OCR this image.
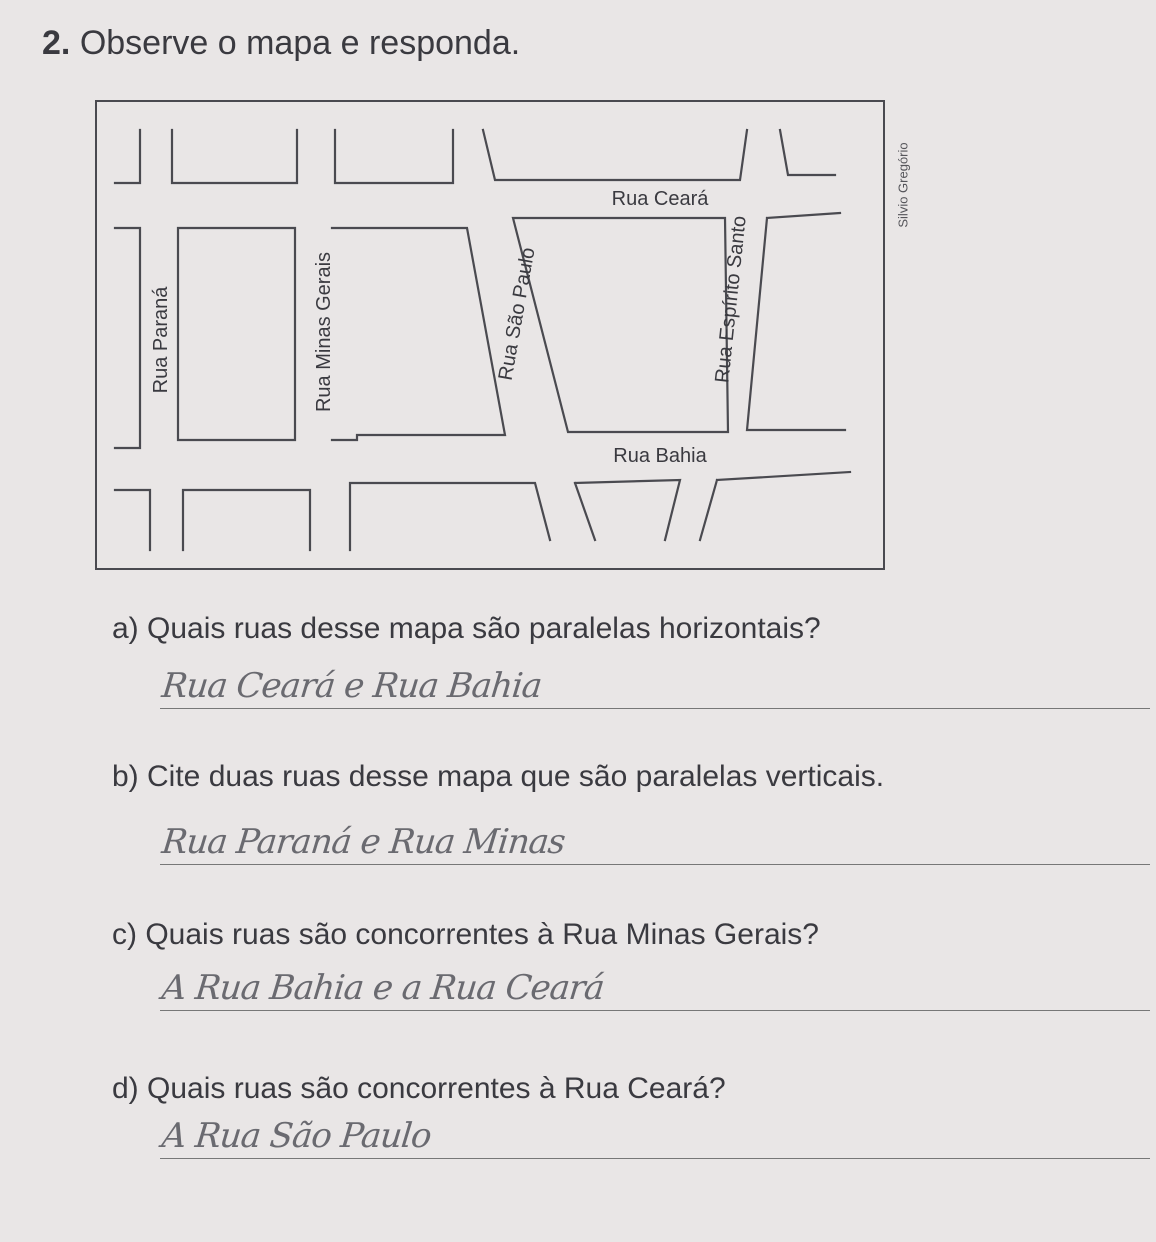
2. Observe o mapa e responda.
Rua Ceará
Rua Bahia
Rua Paraná	Rua Minas Gerais	Rua São Paulo	Rua Espírito Santo
Silvio Gregório

a) Quais ruas desse mapa são paralelas horizontais?

Rua Ceará e Rua Bahia

b) Cite duas ruas desse mapa que são paralelas verticais.

Rua Paraná e Rua Minas

c) Quais ruas são concorrentes à Rua Minas Gerais?

A Rua Bahia e a Rua Ceará

d) Quais ruas são concorrentes à Rua Ceará?

A Rua São Paulo
